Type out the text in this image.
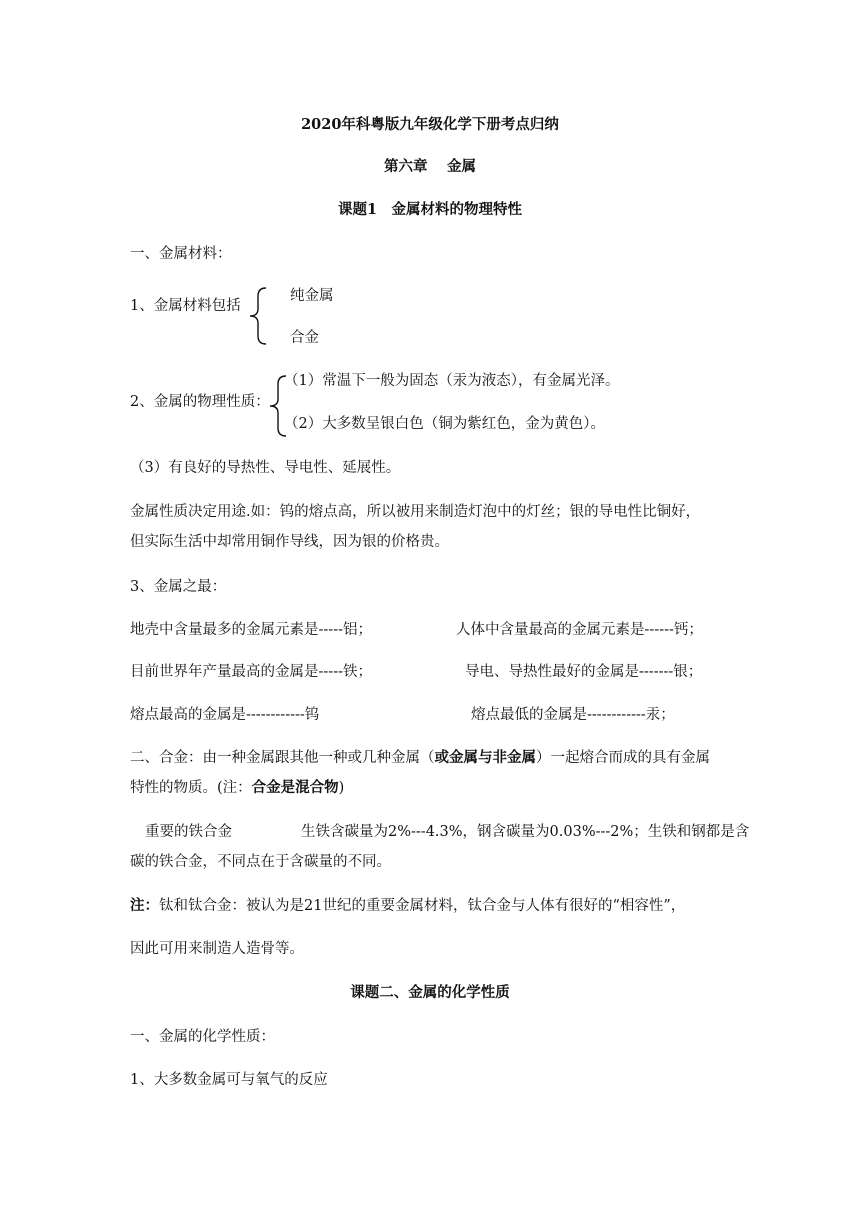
2020年科粤版九年级化学下册考点归纳
第六章　 金属
课题1　金属材料的物理特性
一、金属材料：
1、金属材料包括
纯金属
合金
2、金属的物理性质：
（1）常温下一般为固态（汞为液态），有金属光泽。
（2）大多数呈银白色（铜为紫红色，金为黄色）。
（3）有良好的导热性、导电性、延展性。
金属性质决定用途.如：钨的熔点高，所以被用来制造灯泡中的灯丝；银的导电性比铜好，
但实际生活中却常用铜作导线，因为银的价格贵。
3、金属之最：
地壳中含量最多的金属元素是-----铝；	人体中含量最高的金属元素是------钙；
目前世界年产量最高的金属是-----铁；	导电、导热性最好的金属是-------银；
熔点最高的金属是------------钨	熔点最低的金属是------------汞；
二、合金：由一种金属跟其他一种或几种金属（或金属与非金属）一起熔合而成的具有金属
特性的物质。(注：合金是混合物)
重要的铁合金	生铁含碳量为2%---4.3%，钢含碳量为0.03%---2%；生铁和钢都是含
碳的铁合金，不同点在于含碳量的不同。
注：钛和钛合金：被认为是21世纪的重要金属材料，钛合金与人体有很好的“相容性”，
因此可用来制造人造骨等。
课题二、金属的化学性质
一、金属的化学性质：
1、大多数金属可与氧气的反应
